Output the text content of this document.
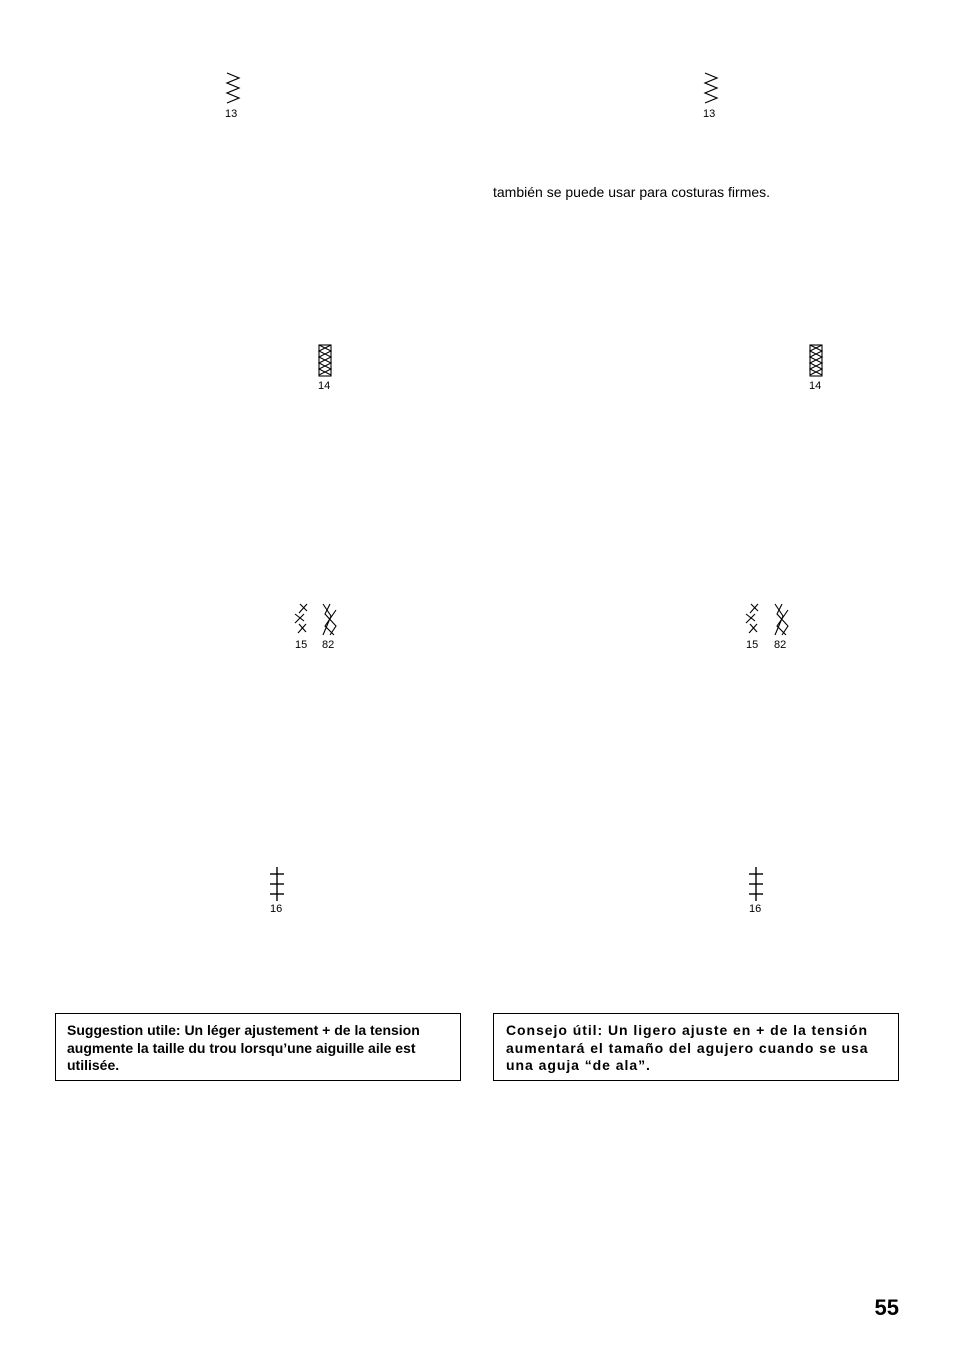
13
14
15 82
16
Suggestion utile: Un léger ajustement + de la tension augmente la taille du trou lorsqu’une aiguille aile est utilisée.
13
también se puede usar para costuras firmes.
14
15 82
16
Consejo útil: Un ligero ajuste en + de la tensión aumentará el tamaño del agujero cuando se usa una aguja “de ala”.
55
